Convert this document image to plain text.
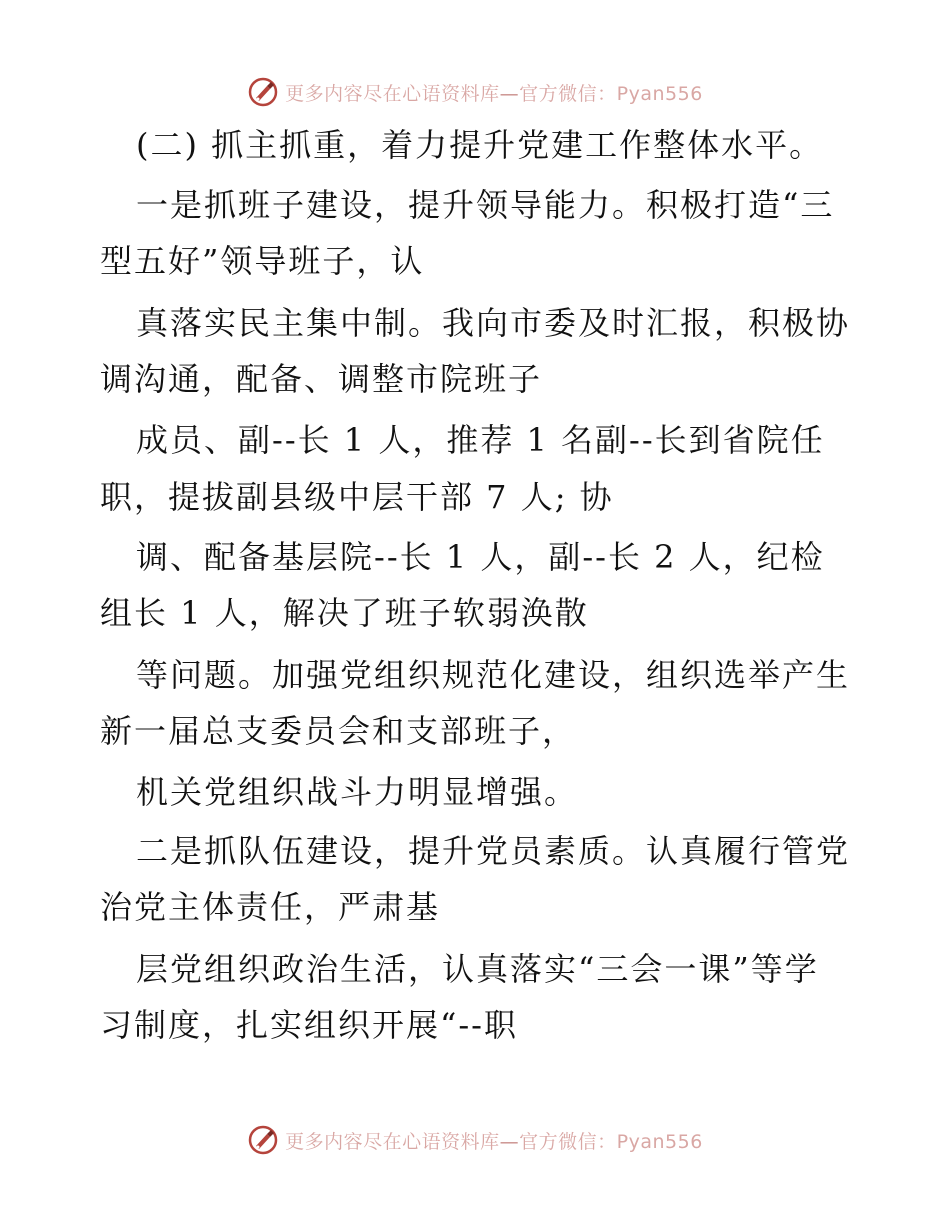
更多内容尽在心语资料库—官方微信：Pyan556
(二) 抓主抓重，着力提升党建工作整体水平。
一是抓班子建设，提升领导能力。积极打造“三
型五好”领导班子，认
真落实民主集中制。我向市委及时汇报，积极协
调沟通，配备、调整市院班子
成员、副--长 1 人，推荐 1 名副--长到省院任
职，提拔副县级中层干部 7 人; 协
调、配备基层院--长 1 人，副--长 2 人，纪检
组长 1 人，解决了班子软弱涣散
等问题。加强党组织规范化建设，组织选举产生
新一届总支委员会和支部班子，
机关党组织战斗力明显增强。
二是抓队伍建设，提升党员素质。认真履行管党
治党主体责任，严肃基
层党组织政治生活，认真落实“三会一课”等学
习制度，扎实组织开展“--职
更多内容尽在心语资料库—官方微信：Pyan556
